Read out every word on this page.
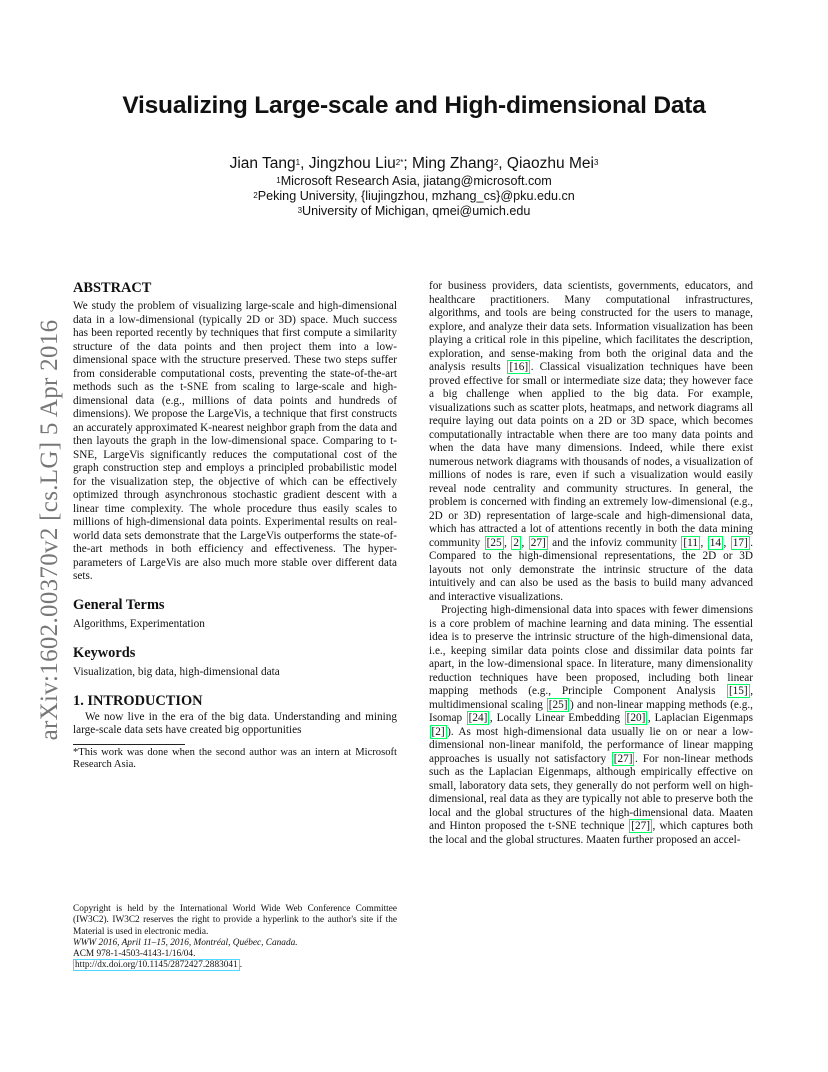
Visualizing Large-scale and High-dimensional Data
Jian Tang$^1$, Jingzhou Liu$^{2*}$; Ming Zhang$^2$, Qiaozhu Mei$^3$
$^1$Microsoft Research Asia, jiatang@microsoft.com
$^2$Peking University, {liujingzhou, mzhang_cs}@pku.edu.cn
$^3$University of Michigan, qmei@umich.edu
arXiv:1602.00370v2 [cs.LG] 5 Apr 2016
ABSTRACT

We study the problem of visualizing large-scale and high-dimensional data in a low-dimensional (typically 2D or 3D) space. Much success has been reported recently by techniques that first compute a similarity structure of the data points and then project them into a low-dimensional space with the structure preserved. These two steps suffer from considerable computational costs, preventing the state-of-the-art methods such as the t-SNE from scaling to large-scale and high-dimensional data (e.g., millions of data points and hundreds of dimensions). We propose the LargeVis, a technique that first constructs an accurately approximated K-nearest neighbor graph from the data and then layouts the graph in the low-dimensional space. Comparing to t-SNE, LargeVis significantly reduces the computational cost of the graph construction step and employs a principled probabilistic model for the visualization step, the objective of which can be effectively optimized through asynchronous stochastic gradient descent with a linear time complexity. The whole procedure thus easily scales to millions of high-dimensional data points. Experimental results on real-world data sets demonstrate that the LargeVis outperforms the state-of-the-art methods in both efficiency and effectiveness. The hyper-parameters of LargeVis are also much more stable over different data sets.

General Terms

Algorithms, Experimentation

Keywords

Visualization, big data, high-dimensional data

1. INTRODUCTION

We now live in the era of the big data. Understanding and mining large-scale data sets have created big opportunities

*This work was done when the second author was an intern at Microsoft Research Asia.

Copyright is held by the International World Wide Web Conference Committee (IW3C2). IW3C2 reserves the right to provide a hyperlink to the author's site if the Material is used in electronic media.

WWW 2016, April 11–15, 2016, Montréal, Québec, Canada.

ACM 978-1-4503-4143-1/16/04.

http://dx.doi.org/10.1145/2872427.2883041 .

for business providers, data scientists, governments, educators, and healthcare practitioners. Many computational infrastructures, algorithms, and tools are being constructed for the users to manage, explore, and analyze their data sets. Information visualization has been playing a critical role in this pipeline, which facilitates the description, exploration, and sense-making from both the original data and the analysis results [16] . Classical visualization techniques have been proved effective for small or intermediate size data; they however face a big challenge when applied to the big data. For example, visualizations such as scatter plots, heatmaps, and network diagrams all require laying out data points on a 2D or 3D space, which becomes computationally intractable when there are too many data points and when the data have many dimensions. Indeed, while there exist numerous network diagrams with thousands of nodes, a visualization of millions of nodes is rare, even if such a visualization would easily reveal node centrality and community structures. In general, the problem is concerned with finding an extremely low-dimensional (e.g., 2D or 3D) representation of large-scale and high-dimensional data, which has attracted a lot of attentions recently in both the data mining community [25 , 2 , 27] and the infoviz community [11 , 14 , 17] . Compared to the high-dimensional representations, the 2D or 3D layouts not only demonstrate the intrinsic structure of the data intuitively and can also be used as the basis to build many advanced and interactive visualizations.

Projecting high-dimensional data into spaces with fewer dimensions is a core problem of machine learning and data mining. The essential idea is to preserve the intrinsic structure of the high-dimensional data, i.e., keeping similar data points close and dissimilar data points far apart, in the low-dimensional space. In literature, many dimensionality reduction techniques have been proposed, including both linear mapping methods (e.g., Principle Component Analysis [15] , multidimensional scaling [25] ) and non-linear mapping methods (e.g., Isomap [24] , Locally Linear Embedding [20] , Laplacian Eigenmaps [2] ). As most high-dimensional data usually lie on or near a low-dimensional non-linear manifold, the performance of linear mapping approaches is usually not satisfactory [27] . For non-linear methods such as the Laplacian Eigenmaps, although empirically effective on small, laboratory data sets, they generally do not perform well on high-dimensional, real data as they are typically not able to preserve both the local and the global structures of the high-dimensional data. Maaten and Hinton proposed the t-SNE technique [27] , which captures both the local and the global structures. Maaten further proposed an accel-
